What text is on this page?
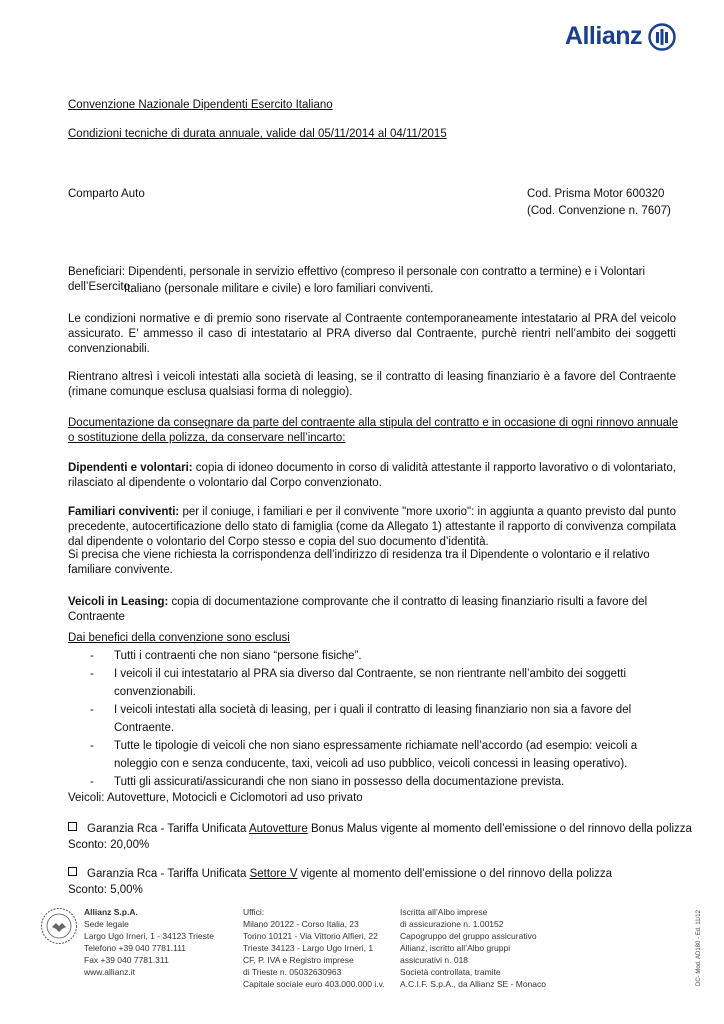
Allianz
Convenzione Nazionale Dipendenti Esercito Italiano
Condizioni tecniche di durata annuale, valide dal 05/11/2014 al 04/11/2015
Comparto Auto	Cod. Prisma Motor 600320
(Cod. Convenzione n. 7607)
Beneficiari: Dipendenti, personale in servizio effettivo (compreso il personale con contratto a termine) e i Volontari dell’Esercito
Italiano (personale militare e civile) e loro familiari conviventi.
Le condizioni normative e di premio sono riservate al Contraente contemporaneamente intestatario al PRA del veicolo assicurato. E’ ammesso il caso di intestatario al PRA diverso dal Contraente, purchè rientri nell’ambito dei soggetti convenzionabili.
Rientrano altresì i veicoli intestati alla società di leasing, se il contratto di leasing finanziario è a favore del Contraente (rimane comunque esclusa qualsiasi forma di noleggio).
Documentazione da consegnare da parte del contraente alla stipula del contratto e in occasione di ogni rinnovo annuale o sostituzione della polizza, da conservare nell’incarto:
Dipendenti e volontari: copia di idoneo documento in corso di validità attestante il rapporto lavorativo o di volontariato, rilasciato al dipendente o volontario dal Corpo convenzionato.
Familiari conviventi: per il coniuge, i familiari e per il convivente "more uxorio": in aggiunta a quanto previsto dal punto precedente, autocertificazione dello stato di famiglia (come da Allegato 1) attestante il rapporto di convivenza compilata dal dipendente o volontario del Corpo stesso e copia del suo documento d’identità.
Si precisa che viene richiesta la corrispondenza dell’indirizzo di residenza tra il Dipendente o volontario e il relativo familiare convivente.
Veicoli in Leasing: copia di documentazione comprovante che il contratto di leasing finanziario risulti a favore del Contraente
Dai benefici della convenzione sono esclusi
-	Tutti i contraenti che non siano “persone fisiche”.
-	I veicoli il cui intestatario al PRA sia diverso dal Contraente, se non rientrante nell’ambito dei soggetti convenzionabili.
-	I veicoli intestati alla società di leasing, per i quali il contratto di leasing finanziario non sia a favore del Contraente.
-	Tutte le tipologie di veicoli che non siano espressamente richiamate nell’accordo (ad esempio: veicoli a noleggio con e senza conducente, taxi, veicoli ad uso pubblico, veicoli concessi in leasing operativo).
-	Tutti gli assicurati/assicurandi che non siano in possesso della documentazione prevista.
Veicoli: Autovetture, Motocicli e Ciclomotori ad uso privato
Garanzia Rca - Tariffa Unificata Autovetture Bonus Malus vigente al momento dell’emissione o del rinnovo della polizza
Sconto: 20,00%
Garanzia Rca - Tariffa Unificata Settore V vigente al momento dell’emissione o del rinnovo della polizza
Sconto: 5,00%
Allianz S.p.A.
Sede legale
Largo Ugo Irneri, 1 - 34123 Trieste
Telefono +39 040 7781.111
Fax +39 040 7781.311
www.allianz.it
Uffici:
Milano 20122 - Corso Italia, 23
Torino 10121 - Via Vittorio Alfieri, 22
Trieste 34123 - Largo Ugo Irneri, 1
CF, P. IVA e Registro imprese
di Trieste n. 05032630963
Capitale sociale euro 403.000.000 i.v.
Iscritta all’Albo imprese
di assicurazione n. 1.00152
Capogruppo del gruppo assicurativo
Allianz, iscritto all’Albo gruppi
assicurativi n. 018
Società controllata, tramite
A.C.I.F. S.p.A., da Allianz SE - Monaco	DC- Mod. AD180 - Ed. 11/12
